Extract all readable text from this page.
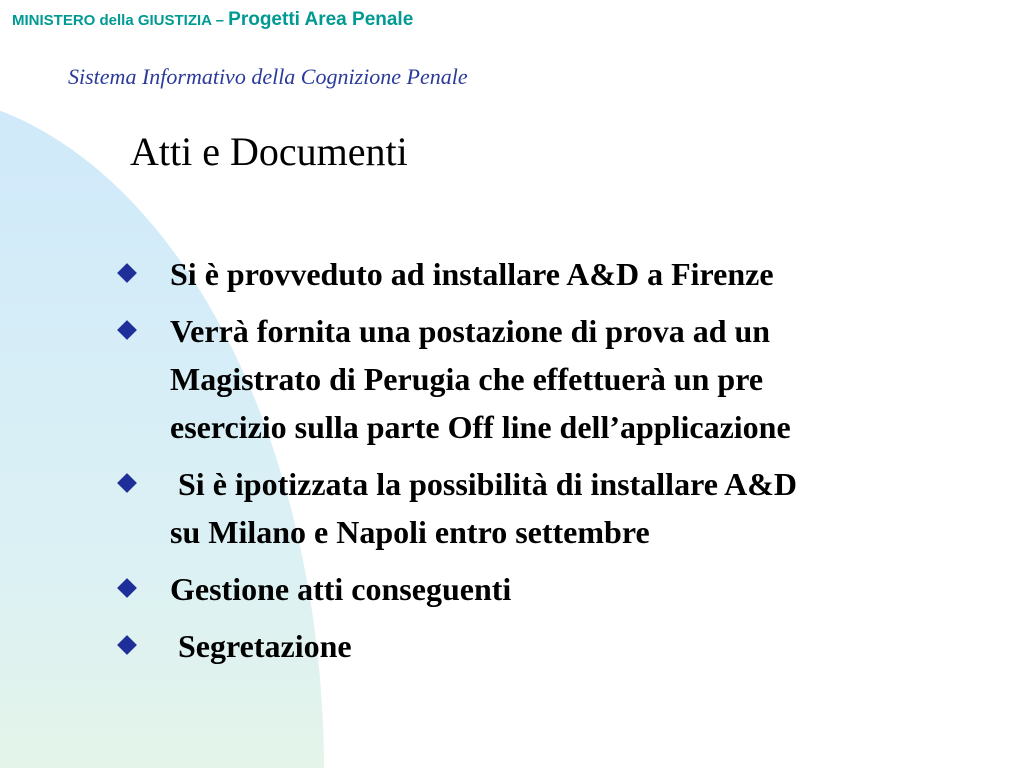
MINISTERO della GIUSTIZIA – Progetti Area Penale
Sistema Informativo della Cognizione Penale
Atti e Documenti
Si è provveduto ad installare A&D a Firenze
Verrà fornita una postazione di prova ad un
Magistrato di Perugia che effettuerà un pre
esercizio sulla parte Off line dell’applicazione
Si è ipotizzata la possibilità di installare A&D
su Milano e Napoli entro settembre
Gestione atti conseguenti
Segretazione
